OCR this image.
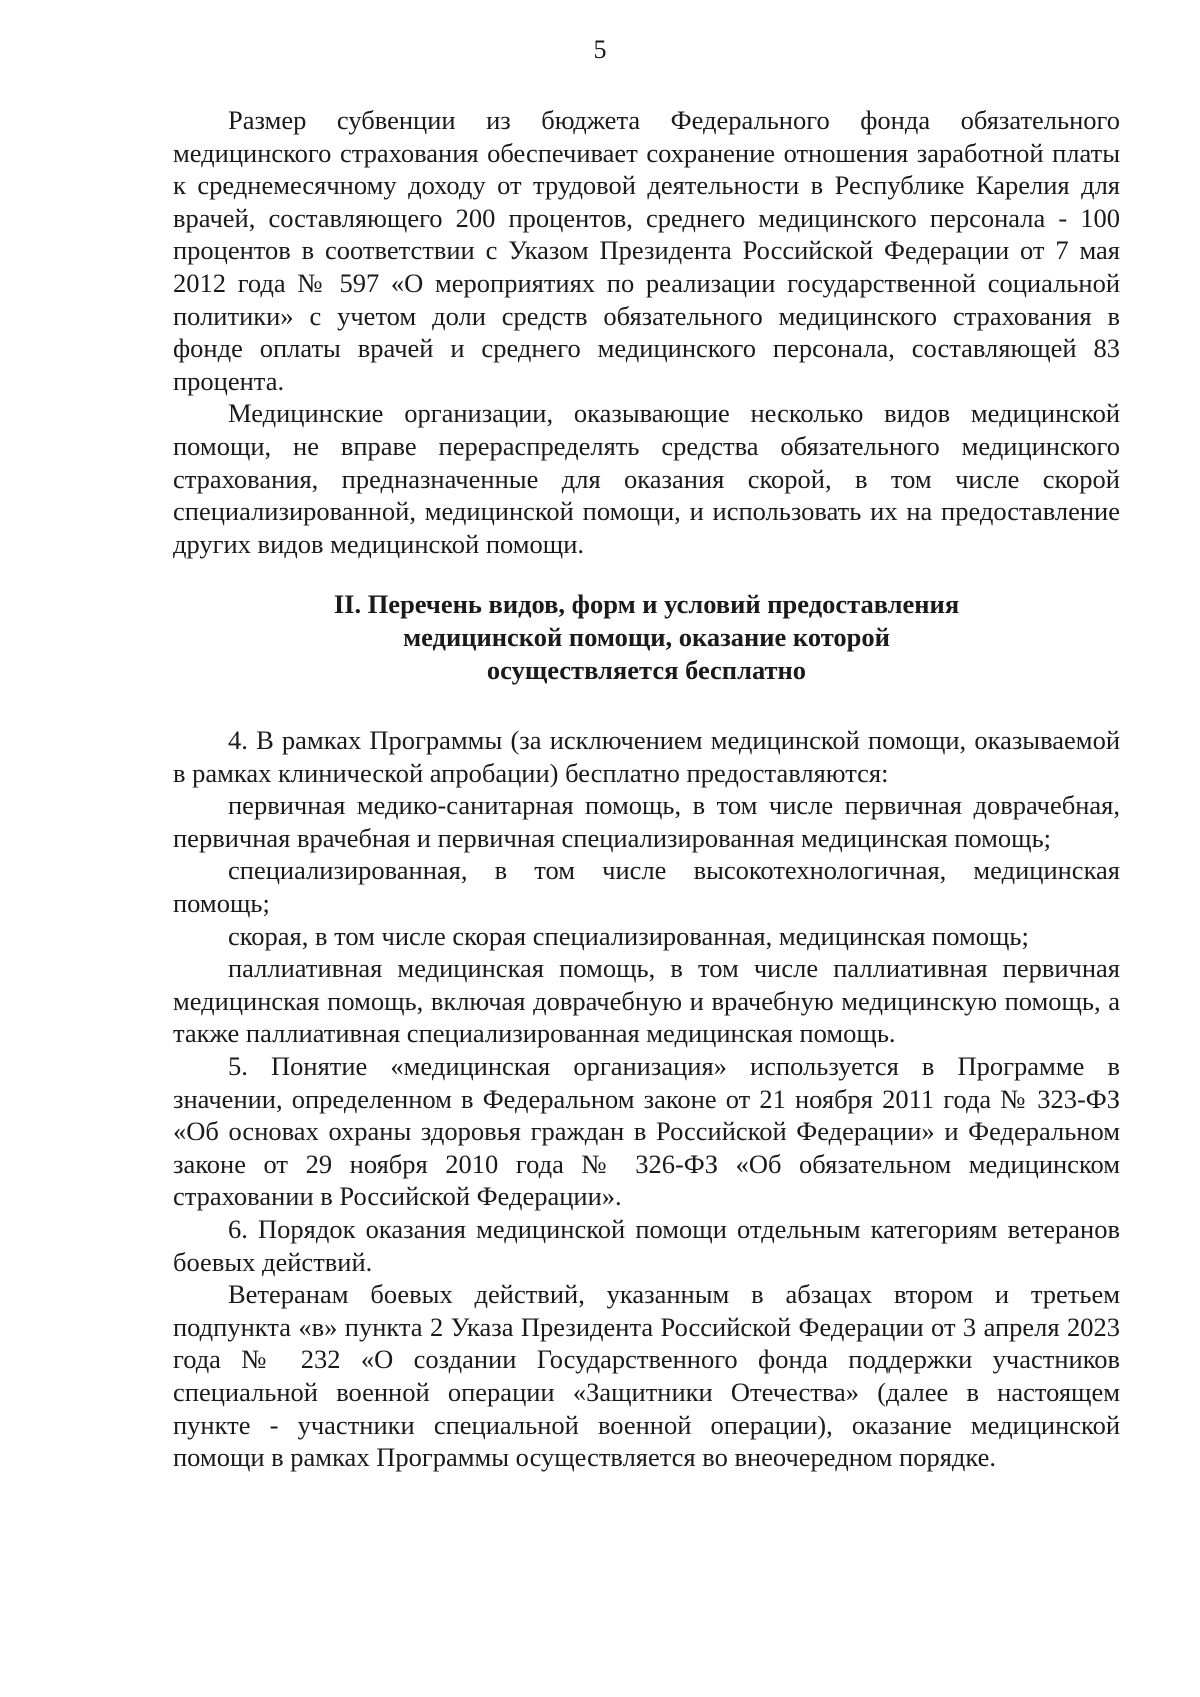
5

Размер субвенции из бюджета Федерального фонда обязательного медицинского страхования обеспечивает сохранение отношения заработной платы к среднемесячному доходу от трудовой деятельности в Республике Карелия для врачей, составляющего 200 процентов, среднего медицинского персонала - 100 процентов в соответствии с Указом Президента Российской Федерации от 7 мая 2012 года № 597 «О мероприятиях по реализации государственной социальной политики» с учетом доли средств обязательного медицинского страхования в фонде оплаты врачей и среднего медицинского персонала, составляющей 83 процента.

Медицинские организации, оказывающие несколько видов медицинской помощи, не вправе перераспределять средства обязательного медицинского страхования, предназначенные для оказания скорой, в том числе скорой специализированной, медицинской помощи, и использовать их на предоставление других видов медицинской помощи.

II. Перечень видов, форм и условий предоставления

медицинской помощи, оказание которой

осуществляется бесплатно

4. В рамках Программы (за исключением медицинской помощи, оказываемой в рамках клинической апробации) бесплатно предоставляются:

первичная медико-санитарная помощь, в том числе первичная доврачебная, первичная врачебная и первичная специализированная медицинская помощь;

специализированная, в том числе высокотехнологичная, медицинская помощь;

скорая, в том числе скорая специализированная, медицинская помощь;

паллиативная медицинская помощь, в том числе паллиативная первичная медицинская помощь, включая доврачебную и врачебную медицинскую помощь, а также паллиативная специализированная медицинская помощь.

5. Понятие «медицинская организация» используется в Программе в значении, определенном в Федеральном законе от 21 ноября 2011 года № 323-ФЗ «Об основах охраны здоровья граждан в Российской Федерации» и Федеральном законе от 29 ноября 2010 года № 326-ФЗ «Об обязательном медицинском страховании в Российской Федерации».

6. Порядок оказания медицинской помощи отдельным категориям ветеранов боевых действий.

Ветеранам боевых действий, указанным в абзацах втором и третьем подпункта «в» пункта 2 Указа Президента Российской Федерации от 3 апреля 2023 года № 232 «О создании Государственного фонда поддержки участников специальной военной операции «Защитники Отечества» (далее в настоящем пункте - участники специальной военной операции), оказание медицинской помощи в рамках Программы осуществляется во внеочередном порядке.
